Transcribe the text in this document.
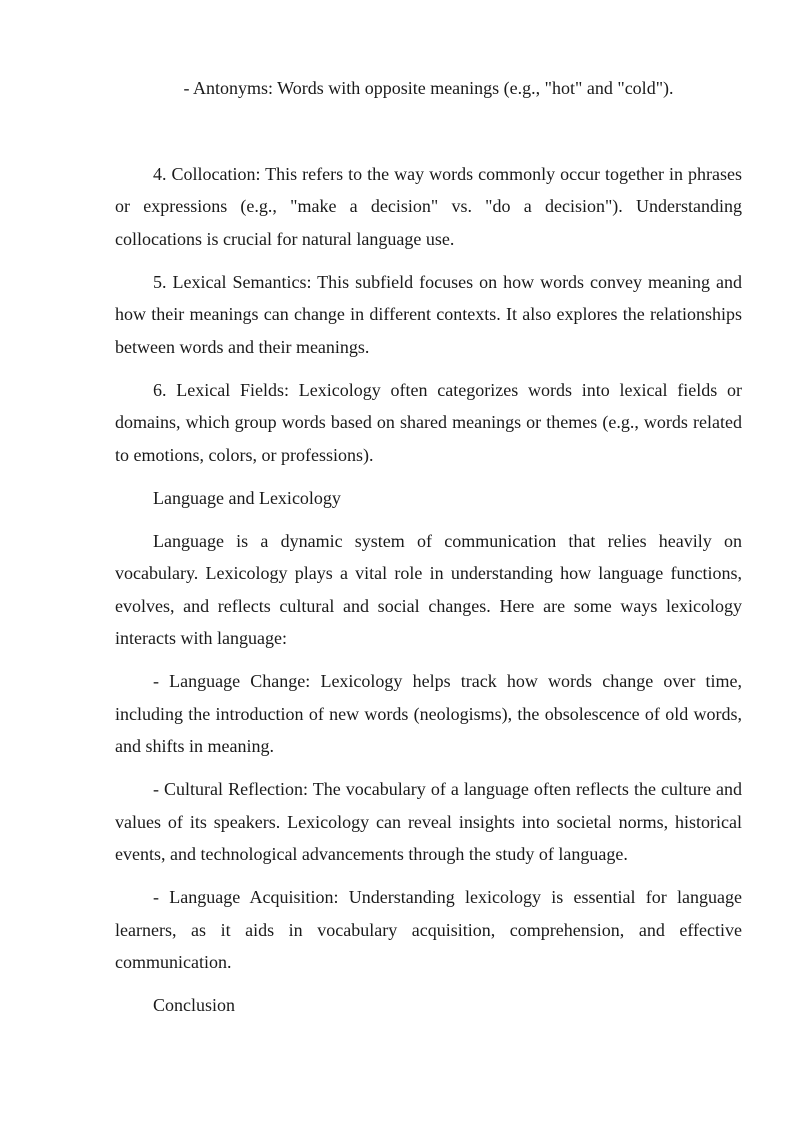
- Antonyms: Words with opposite meanings (e.g., "hot" and "cold").

4. Collocation: This refers to the way words commonly occur together in phrases or expressions (e.g., "make a decision" vs. "do a decision"). Understanding collocations is crucial for natural language use.

5. Lexical Semantics: This subfield focuses on how words convey meaning and how their meanings can change in different contexts. It also explores the relationships between words and their meanings.

6. Lexical Fields: Lexicology often categorizes words into lexical fields or domains, which group words based on shared meanings or themes (e.g., words related to emotions, colors, or professions).

Language and Lexicology

Language is a dynamic system of communication that relies heavily on vocabulary. Lexicology plays a vital role in understanding how language functions, evolves, and reflects cultural and social changes. Here are some ways lexicology interacts with language:

- Language Change: Lexicology helps track how words change over time, including the introduction of new words (neologisms), the obsolescence of old words, and shifts in meaning.

- Cultural Reflection: The vocabulary of a language often reflects the culture and values of its speakers. Lexicology can reveal insights into societal norms, historical events, and technological advancements through the study of language.

- Language Acquisition: Understanding lexicology is essential for language learners, as it aids in vocabulary acquisition, comprehension, and effective communication.

Conclusion
